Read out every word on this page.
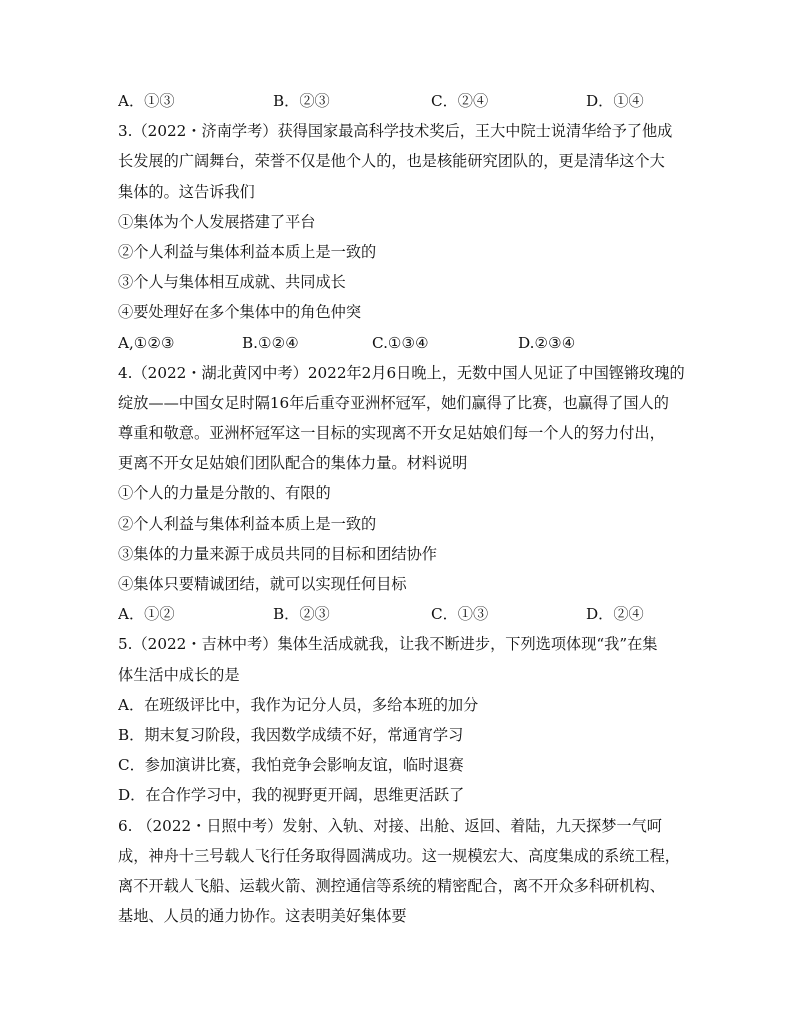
A．①③	B．②③	C．②④	D．①④
3.（2022・济南学考）获得国家最高科学技术奖后，王大中院士说清华给予了他成
长发展的广阔舞台，荣誉不仅是他个人的，也是核能研究团队的，更是清华这个大
集体的。这告诉我们
①集体为个人发展搭建了平台
②个人利益与集体利益本质上是一致的
③个人与集体相互成就、共同成长
④要处理好在多个集体中的角色仲突
A,①②③	B.①②④	C.①③④	D.②③④
4.（2022・湖北黄冈中考）2022年2月6日晚上，无数中国人见证了中国铿锵玫瑰的
绽放——中国女足时隔16年后重夺亚洲杯冠军，她们赢得了比赛，也赢得了国人的
尊重和敬意。亚洲杯冠军这一目标的实现离不开女足姑娘们每一个人的努力付出，
更离不开女足姑娘们团队配合的集体力量。材料说明
①个人的力量是分散的、有限的
②个人利益与集体利益本质上是一致的
③集体的力量来源于成员共同的目标和团结协作
④集体只要精诚团结，就可以实现任何目标
A．①②	B．②③	C．①③	D．②④
5.（2022・吉林中考）集体生活成就我，让我不断进步，下列选项体现“我”在集
体生活中成长的是
A．在班级评比中，我作为记分人员，多给本班的加分
B．期末复习阶段，我因数学成绩不好，常通宵学习
C．参加演讲比赛，我怕竞争会影响友谊，临时退赛
D．在合作学习中，我的视野更开阔，思维更活跃了
6. （2022・日照中考）发射、入轨、对接、出舱、返回、着陆，九天探梦一气呵
成，神舟十三号载人飞行任务取得圆满成功。这一规模宏大、高度集成的系统工程，
离不开载人飞船、运载火箭、测控通信等系统的精密配合，离不开众多科研机构、
基地、人员的通力协作。这表明美好集体要
